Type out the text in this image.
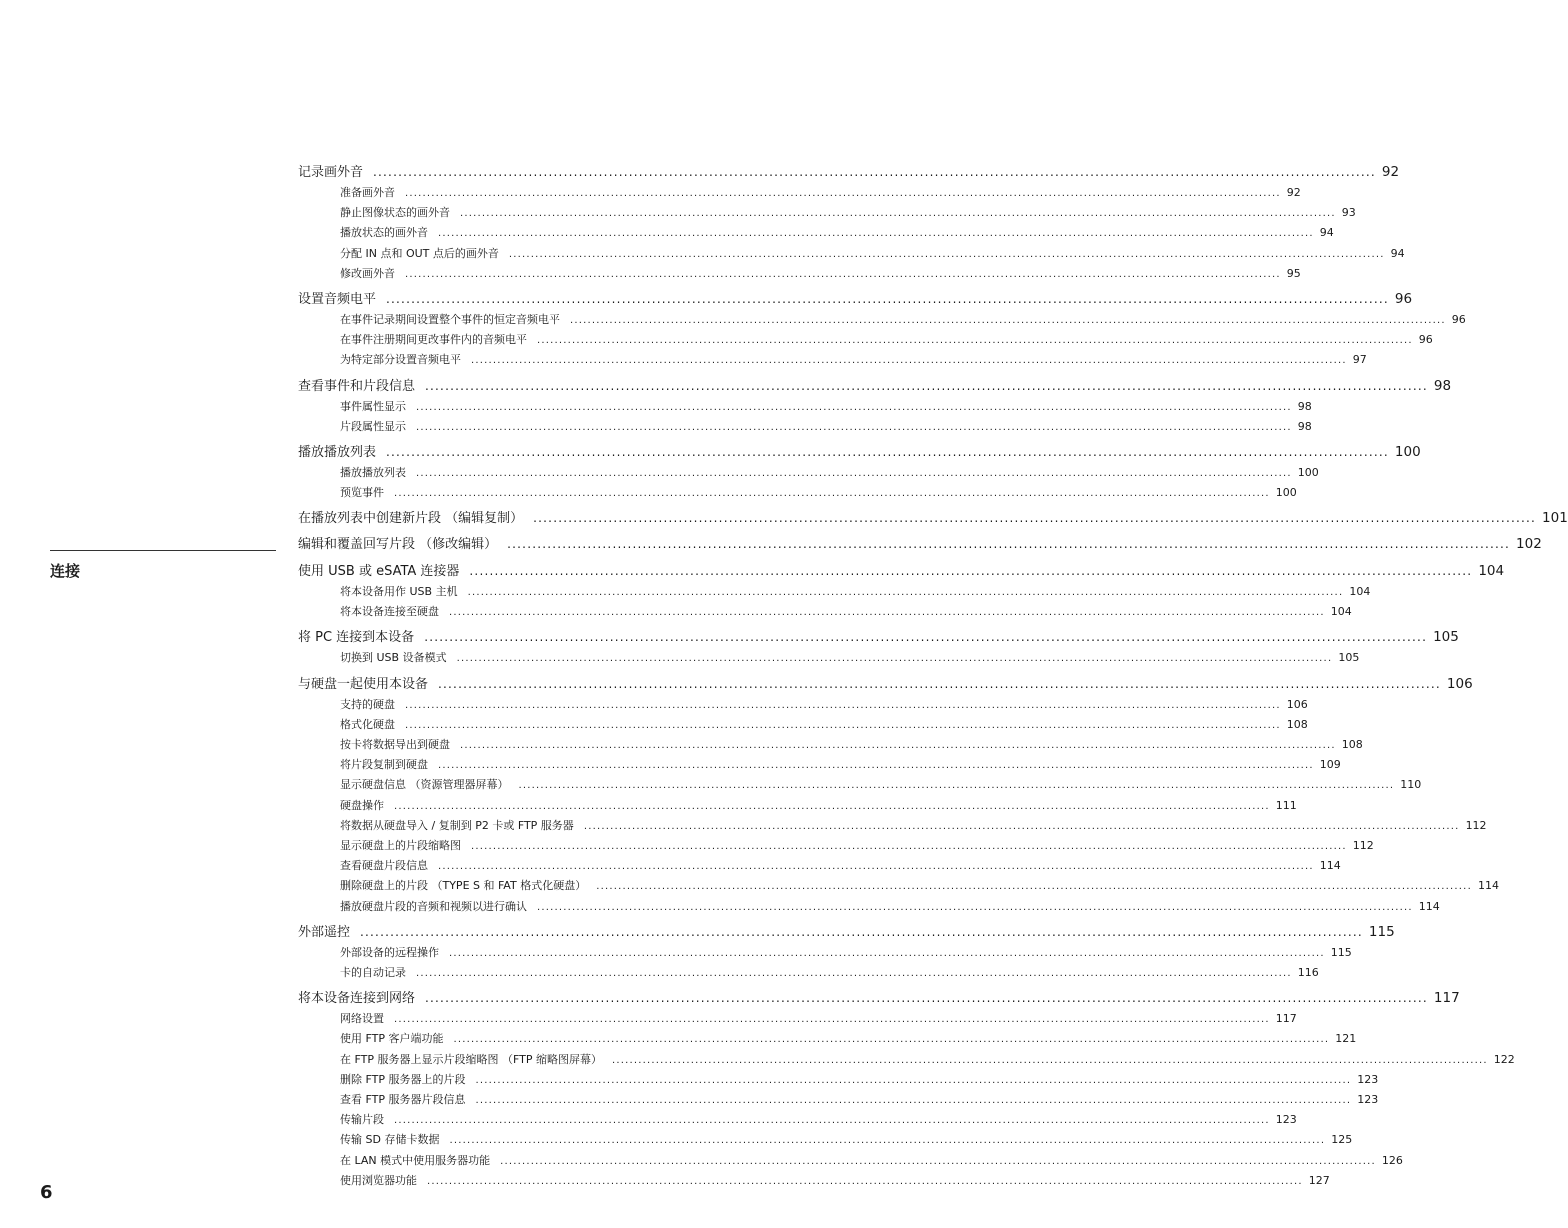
记录画外音 ........................................................................................................................................................................................................ 92
准备画外音 ........................................................................................................................................................................................................ 92
静止图像状态的画外音 ........................................................................................................................................................................................................ 93
播放状态的画外音 ........................................................................................................................................................................................................ 94
分配 IN 点和 OUT 点后的画外音 ........................................................................................................................................................................................................ 94
修改画外音 ........................................................................................................................................................................................................ 95
设置音频电平 ........................................................................................................................................................................................................ 96
在事件记录期间设置整个事件的恒定音频电平 ........................................................................................................................................................................................................ 96
在事件注册期间更改事件内的音频电平 ........................................................................................................................................................................................................ 96
为特定部分设置音频电平 ........................................................................................................................................................................................................ 97
查看事件和片段信息 ........................................................................................................................................................................................................ 98
事件属性显示 ........................................................................................................................................................................................................ 98
片段属性显示 ........................................................................................................................................................................................................ 98
播放播放列表 ........................................................................................................................................................................................................ 100
播放播放列表 ........................................................................................................................................................................................................ 100
预览事件 ........................................................................................................................................................................................................ 100
在播放列表中创建新片段 （编辑复制） ........................................................................................................................................................................................................ 101
编辑和覆盖回写片段 （修改编辑） ........................................................................................................................................................................................................ 102
连接	使用 USB 或 eSATA 连接器 ........................................................................................................................................................................................................ 104
将本设备用作 USB 主机 ........................................................................................................................................................................................................ 104
将本设备连接至硬盘 ........................................................................................................................................................................................................ 104
将 PC 连接到本设备 ........................................................................................................................................................................................................ 105
切换到 USB 设备模式 ........................................................................................................................................................................................................ 105
与硬盘一起使用本设备 ........................................................................................................................................................................................................ 106
支持的硬盘 ........................................................................................................................................................................................................ 106
格式化硬盘 ........................................................................................................................................................................................................ 108
按卡将数据导出到硬盘 ........................................................................................................................................................................................................ 108
将片段复制到硬盘 ........................................................................................................................................................................................................ 109
显示硬盘信息 （资源管理器屏幕） ........................................................................................................................................................................................................ 110
硬盘操作 ........................................................................................................................................................................................................ 111
将数据从硬盘导入 / 复制到 P2 卡或 FTP 服务器 ........................................................................................................................................................................................................ 112
显示硬盘上的片段缩略图 ........................................................................................................................................................................................................ 112
查看硬盘片段信息 ........................................................................................................................................................................................................ 114
删除硬盘上的片段 （TYPE S 和 FAT 格式化硬盘） ........................................................................................................................................................................................................ 114
播放硬盘片段的音频和视频以进行确认 ........................................................................................................................................................................................................ 114
外部遥控 ........................................................................................................................................................................................................ 115
外部设备的远程操作 ........................................................................................................................................................................................................ 115
卡的自动记录 ........................................................................................................................................................................................................ 116
将本设备连接到网络 ........................................................................................................................................................................................................ 117
网络设置 ........................................................................................................................................................................................................ 117
使用 FTP 客户端功能 ........................................................................................................................................................................................................ 121
在 FTP 服务器上显示片段缩略图 （FTP 缩略图屏幕） ........................................................................................................................................................................................................ 122
删除 FTP 服务器上的片段 ........................................................................................................................................................................................................ 123
查看 FTP 服务器片段信息 ........................................................................................................................................................................................................ 123
传输片段 ........................................................................................................................................................................................................ 123
传输 SD 存储卡数据 ........................................................................................................................................................................................................ 125
在 LAN 模式中使用服务器功能 ........................................................................................................................................................................................................ 126
使用浏览器功能 ........................................................................................................................................................................................................ 127
6
